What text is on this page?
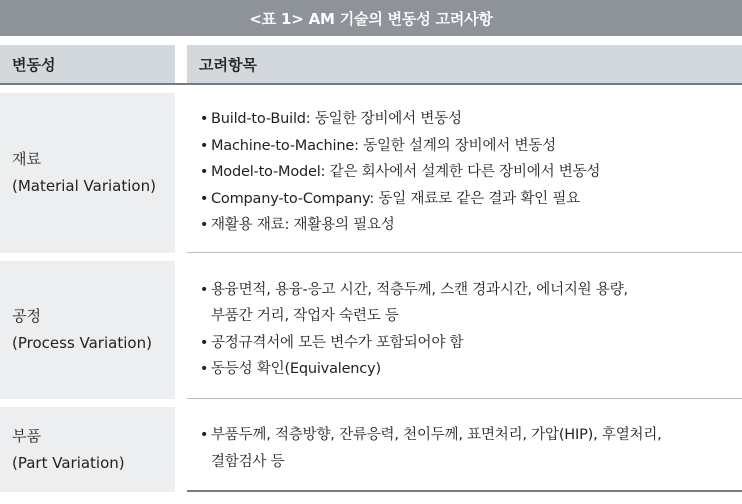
<표 1> AM 기술의 변동성 고려사항
변동성	고려항목
재료
(Material Variation)
• Build-to-Build: 동일한 장비에서 변동성
• Machine-to-Machine: 동일한 설계의 장비에서 변동성
• Model-to-Model: 같은 회사에서 설계한 다른 장비에서 변동성
• Company-to-Company: 동일 재료로 같은 결과 확인 필요
• 재활용 재료: 재활용의 필요성
공정
(Process Variation)
• 용융면적, 용융-응고 시간, 적층두께, 스캔 경과시간, 에너지원 용량,
부품간 거리, 작업자 숙련도 등
• 공정규격서에 모든 변수가 포함되어야 함
• 동등성 확인(Equivalency)
부품
(Part Variation)
• 부품두께, 적층방향, 잔류응력, 천이두께, 표면처리, 가압(HIP), 후열처리,
결함검사 등
